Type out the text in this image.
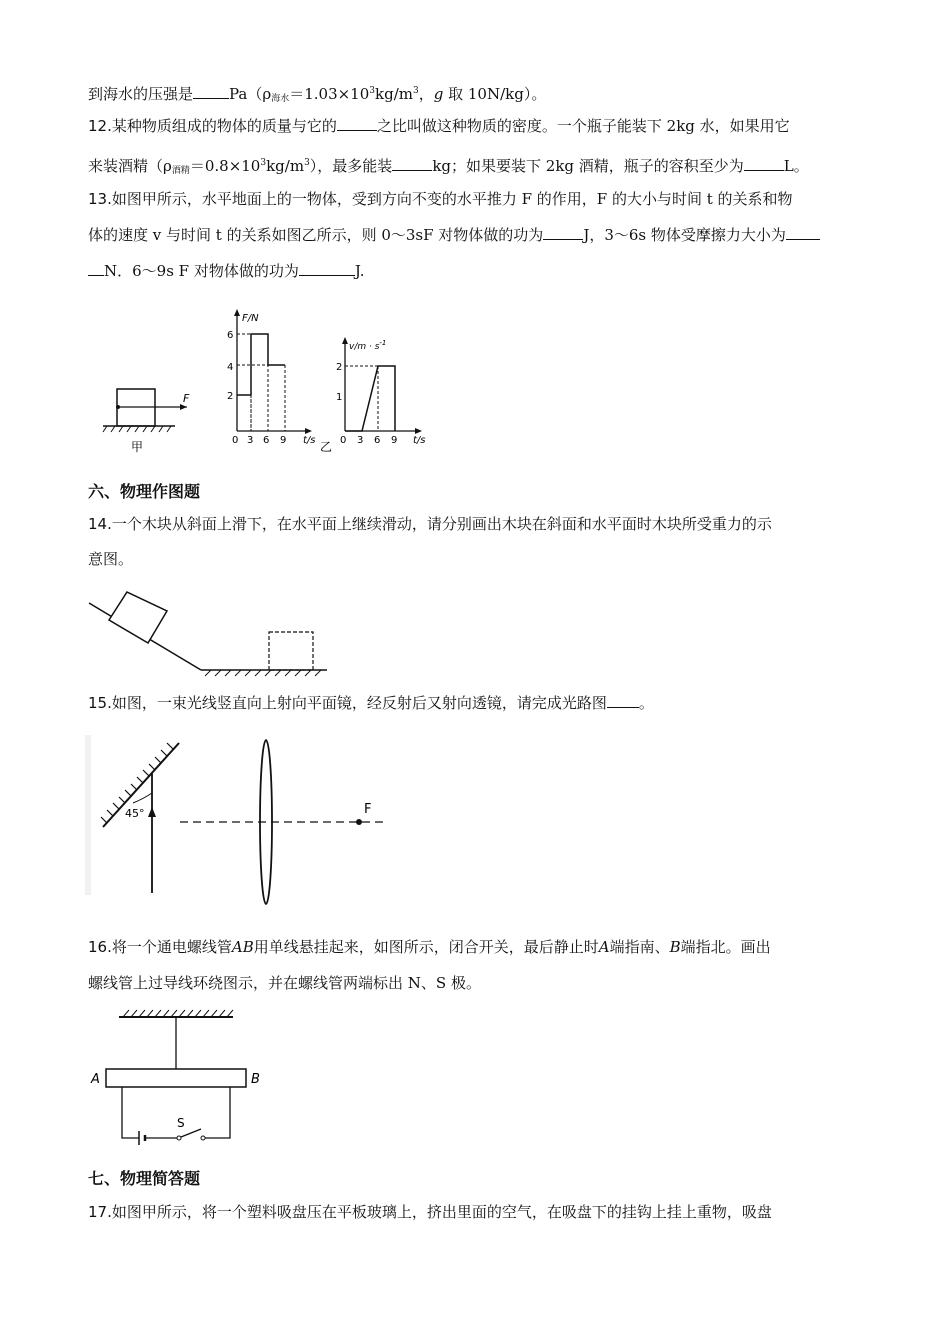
到海水的压强是 $Pa(\rho_{海水}=1.03\times 10^3kg/m^3$，g 取 10N/kg）。
12.某种物质组成的物体的质量与它的	之比叫做这种物质的密度。一个瓶子能装下 2kg 水，如果用它
来装酒精$(\rho_{酒精}=0.8\times 10^3kg/m^3)$，最多能装	kg；如果要装下 2kg 酒精，瓶子的容积至少为	L。
13.如图甲所示，水平地面上的一物体，受到方向不变的水平推力 F 的作用，F 的大小与时间 t 的关系和物
体的速度 v 与时间 t 的关系如图乙所示，则 0～3sF 对物体做的功为	J，3～6s 物体受摩擦力大小为
N．6～9s F 对物体做的功为	J.
F
甲
F/N
t/s
2
4
6
0 3 6 9
$v/m \cdot s^{-1}$
t/s
1
2
0 3 6 9
乙
六、物理作图题
14.一个木块从斜面上滑下，在水平面上继续滑动，请分别画出木块在斜面和水平面时木块所受重力的示
意图。
15.如图，一束光线竖直向上射向平面镜，经反射后又射向透镜，请完成光路图 。
45°	F
16.将一个通电螺线管AB用单线悬挂起来，如图所示，闭合开关，最后静止时A端指南、B端指北。画出
螺线管上过导线环绕图示，并在螺线管两端标出 N、S 极。
A	B
S
七、物理简答题
17.如图甲所示，将一个塑料吸盘压在平板玻璃上，挤出里面的空气，在吸盘下的挂钩上挂上重物，吸盘
